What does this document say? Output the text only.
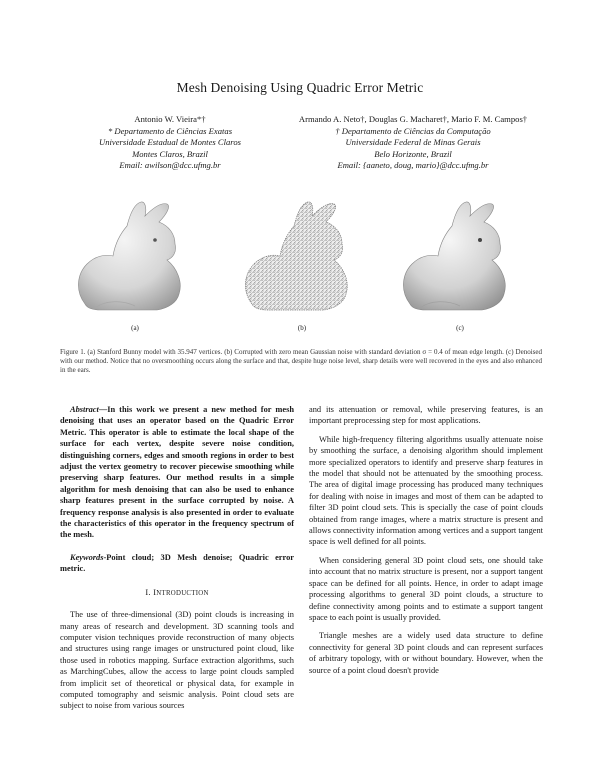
Mesh Denoising Using Quadric Error Metric
Antonio W. Vieira*†
* Departamento de Ciências Exatas
Universidade Estadual de Montes Claros
Montes Claros, Brazil
Email: awilson@dcc.ufmg.br
Armando A. Neto†, Douglas G. Macharet†, Mario F. M. Campos†
† Departamento de Ciências da Computação
Universidade Federal de Minas Gerais
Belo Horizonte, Brazil
Email: {aaneto, doug, mario}@dcc.ufmg.br
(a)	(b)	(c)
Figure 1. (a) Stanford Bunny model with 35.947 vertices. (b) Corrupted with zero mean Gaussian noise with standard deviation σ = 0.4 of mean edge length. (c) Denoised with our method. Notice that no oversmoothing occurs along the surface and that, despite huge noise level, sharp details were well recovered in the eyes and also enhanced in the ears.

Abstract—In this work we present a new method for mesh denoising that uses an operator based on the Quadric Error Metric. This operator is able to estimate the local shape of the surface for each vertex, despite severe noise condition, distinguishing corners, edges and smooth regions in order to best adjust the vertex geometry to recover piecewise smoothing while preserving sharp features. Our method results in a simple algorithm for mesh denoising that can also be used to enhance sharp features present in the surface corrupted by noise. A frequency response analysis is also presented in order to evaluate the characteristics of this operator in the frequency spectrum of the mesh.

Keywords-Point cloud; 3D Mesh denoise; Quadric error metric.

I. INTRODUCTION

The use of three-dimensional (3D) point clouds is increasing in many areas of research and development. 3D scanning tools and computer vision techniques provide reconstruction of many objects and structures using range images or unstructured point cloud, like those used in robotics mapping. Surface extraction algorithms, such as MarchingCubes, allow the access to large point clouds sampled from implicit set of theoretical or physical data, for example in computed tomography and seismic analysis. Point cloud sets are subject to noise from various sources

and its attenuation or removal, while preserving features, is an important preprocessing step for most applications.

While high-frequency filtering algorithms usually attenuate noise by smoothing the surface, a denoising algorithm should implement more specialized operators to identify and preserve sharp features in the model that should not be attenuated by the smoothing process. The area of digital image processing has produced many techniques for dealing with noise in images and most of them can be adapted to filter 3D point cloud sets. This is specially the case of point clouds obtained from range images, where a matrix structure is present and allows connectivity information among vertices and a support tangent space is well defined for all points.

When considering general 3D point cloud sets, one should take into account that no matrix structure is present, nor a support tangent space can be defined for all points. Hence, in order to adapt image processing algorithms to general 3D point clouds, a structure to define connectivity among points and to estimate a support tangent space to each point is usually provided.

Triangle meshes are a widely used data structure to define connectivity for general 3D point clouds and can represent surfaces of arbitrary topology, with or without boundary. However, when the source of a point cloud doesn't provide
